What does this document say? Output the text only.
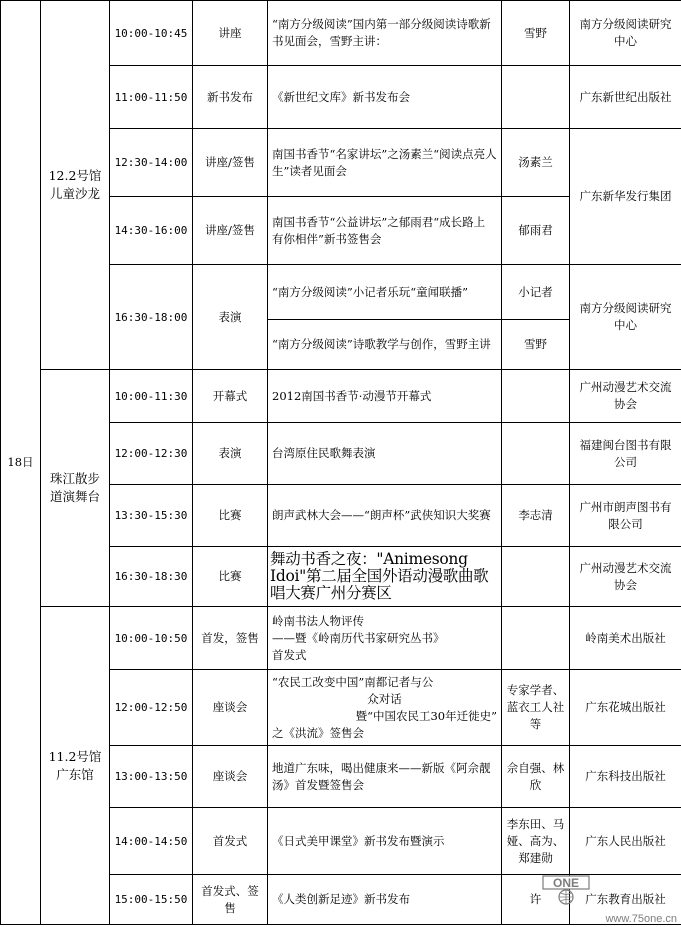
18日	12.2号馆儿童沙龙	10:00-10:45	讲座	“南方分级阅读”国内第一部分级阅读诗歌新书见面会，雪野主讲：	雪野	南方分级阅读研究中心
		11:00-11:50	新书发布	《新世纪文库》新书发布会		广东新世纪出版社
		12:30-14:00	讲座/签售	南国书香节“名家讲坛”之汤素兰“阅读点亮人生”读者见面会	汤素兰	广东新华发行集团
		14:30-16:00	讲座/签售	南国书香节“公益讲坛”之郁雨君“成长路上 有你相伴”新书签售会	郁雨君	
		16:30-18:00	表演	“南方分级阅读”小记者乐玩“童闻联播”	小记者	南方分级阅读研究中心
				“南方分级阅读”诗歌教学与创作，雪野主讲	雪野	
	珠江散步道演舞台	10:00-11:30	开幕式	2012南国书香节·动漫节开幕式		广州动漫艺术交流协会
		12:00-12:30	表演	台湾原住民歌舞表演		福建闽台图书有限公司
		13:30-15:30	比赛	朗声武林大会——“朗声杯”武侠知识大奖赛	李志清	广州市朗声图书有限公司
		16:30-18:30	比赛	舞动书香之夜："Animesong Idoi"第二届全国外语动漫歌曲歌唱大赛广州分赛区		广州动漫艺术交流协会
	11.2号馆广东馆	10:00-10:50	首发，签售	岭南书法人物评传
——暨《岭南历代书家研究丛书》
首发式		岭南美术出版社
		12:00-12:50	座谈会	“农民工改变中国”南都记者与公
众对话
暨“中国农民工30年迁徙史”
之《洪流》签售会	专家学者、蓝衣工人社等	广东花城出版社
		13:00-13:50	座谈会	地道广东味，喝出健康来——新版《阿佘靓汤》首发暨签售会	佘自强、林欣	广东科技出版社
		14:00-14:50	首发式	《日式美甲课堂》新书发布暨演示	李东田、马娅、高为、郑建勋	广东人民出版社
		15:00-15:50	首发式、签售	《人类创新足迹》新书发布	许	广东教育出版社
ONE
www.75one.cn
